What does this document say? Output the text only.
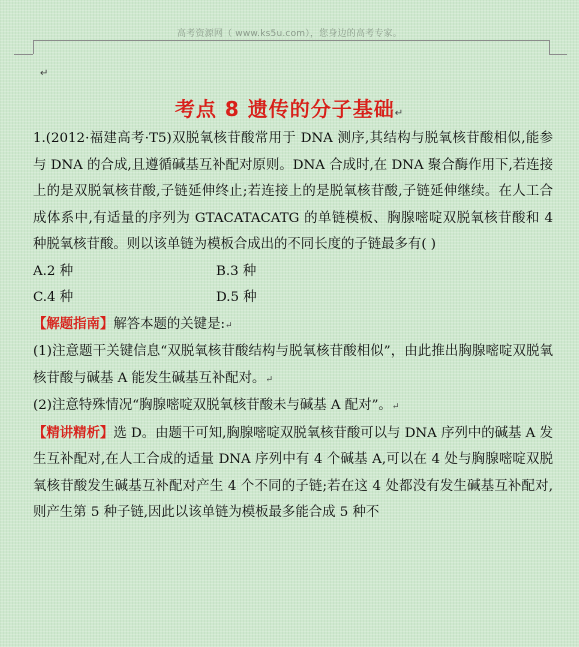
高考资源网（ www.ks5u.com），您身边的高考专家。
↵
考点 8 遗传的分子基础↵

1.(2012·福建高考·T5)双脱氧核苷酸常用于 DNA 测序,其结构与脱氧核苷酸相似,能参与 DNA 的合成,且遵循碱基互补配对原则。DNA 合成时,在 DNA 聚合酶作用下,若连接上的是双脱氧核苷酸,子链延伸终止;若连接上的是脱氧核苷酸,子链延伸继续。在人工合成体系中,有适量的序列为 GTACATACATG 的单链模板、胸腺嘧啶双脱氧核苷酸和 4 种脱氧核苷酸。则以该单链为模板合成出的不同长度的子链最多有( )

A.2 种	B.3 种
C.4 种	D.5 种

【解题指南】解答本题的关键是:↵

(1)注意题干关键信息“双脱氧核苷酸结构与脱氧核苷酸相似”，由此推出胸腺嘧啶双脱氧核苷酸与碱基 A 能发生碱基互补配对。↵

(2)注意特殊情况“胸腺嘧啶双脱氧核苷酸未与碱基 A 配对”。↵

【精讲精析】选 D。由题干可知,胸腺嘧啶双脱氧核苷酸可以与 DNA 序列中的碱基 A 发生互补配对,在人工合成的适量 DNA 序列中有 4 个碱基 A,可以在 4 处与胸腺嘧啶双脱氧核苷酸发生碱基互补配对产生 4 个不同的子链;若在这 4 处都没有发生碱基互补配对,则产生第 5 种子链,因此以该单链为模板最多能合成 5 种不
